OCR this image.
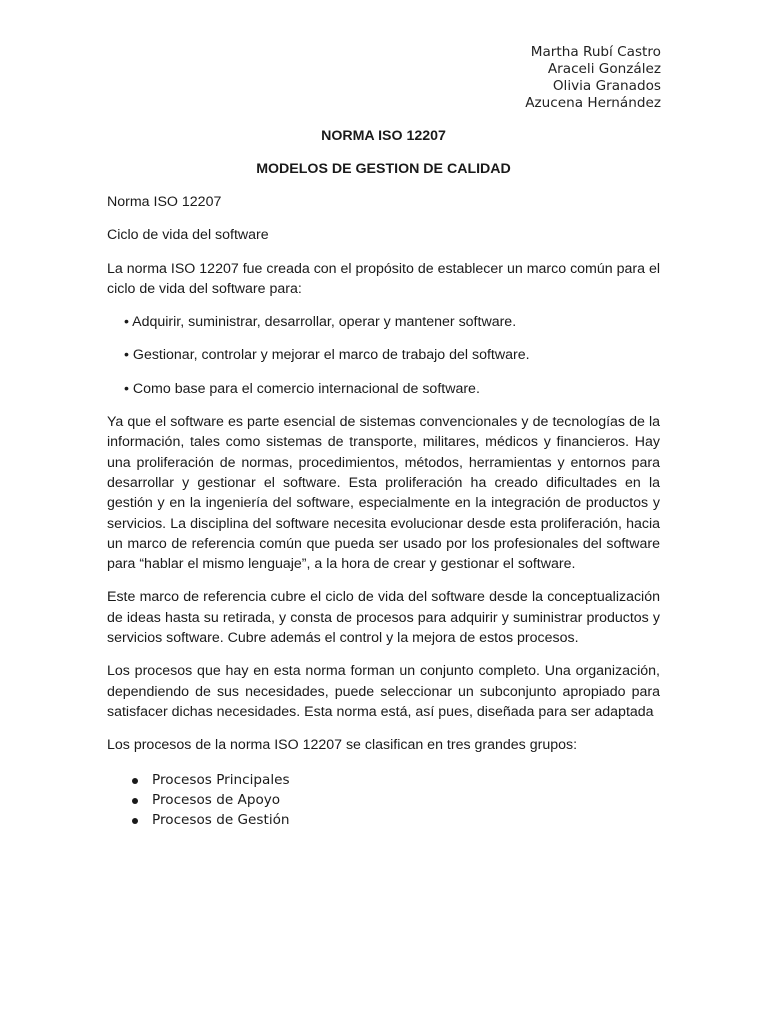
Martha Rubí Castro
Araceli González
Olivia Granados
Azucena Hernández
NORMA ISO 12207
MODELOS DE GESTION DE CALIDAD

Norma ISO 12207

Ciclo de vida del software

La norma ISO 12207 fue creada con el propósito de establecer un marco común para el ciclo de vida del software para:

• Adquirir, suministrar, desarrollar, operar y mantener software.
• Gestionar, controlar y mejorar el marco de trabajo del software.
• Como base para el comercio internacional de software.

Ya que el software es parte esencial de sistemas convencionales y de tecnologías de la información, tales como sistemas de transporte, militares, médicos y financieros. Hay una proliferación de normas, procedimientos, métodos, herramientas y entornos para desarrollar y gestionar el software. Esta proliferación ha creado dificultades en la gestión y en la ingeniería del software, especialmente en la integración de productos y servicios. La disciplina del software necesita evolucionar desde esta proliferación, hacia un marco de referencia común que pueda ser usado por los profesionales del software para “hablar el mismo lenguaje”, a la hora de crear y gestionar el software.

Este marco de referencia cubre el ciclo de vida del software desde la conceptualización de ideas hasta su retirada, y consta de procesos para adquirir y suministrar productos y servicios software. Cubre además el control y la mejora de estos procesos.

Los procesos que hay en esta norma forman un conjunto completo. Una organización, dependiendo de sus necesidades, puede seleccionar un subconjunto apropiado para satisfacer dichas necesidades. Esta norma está, así pues, diseñada para ser adaptada

Los procesos de la norma ISO 12207 se clasifican en tres grandes grupos:

Procesos Principales
Procesos de Apoyo
Procesos de Gestión
